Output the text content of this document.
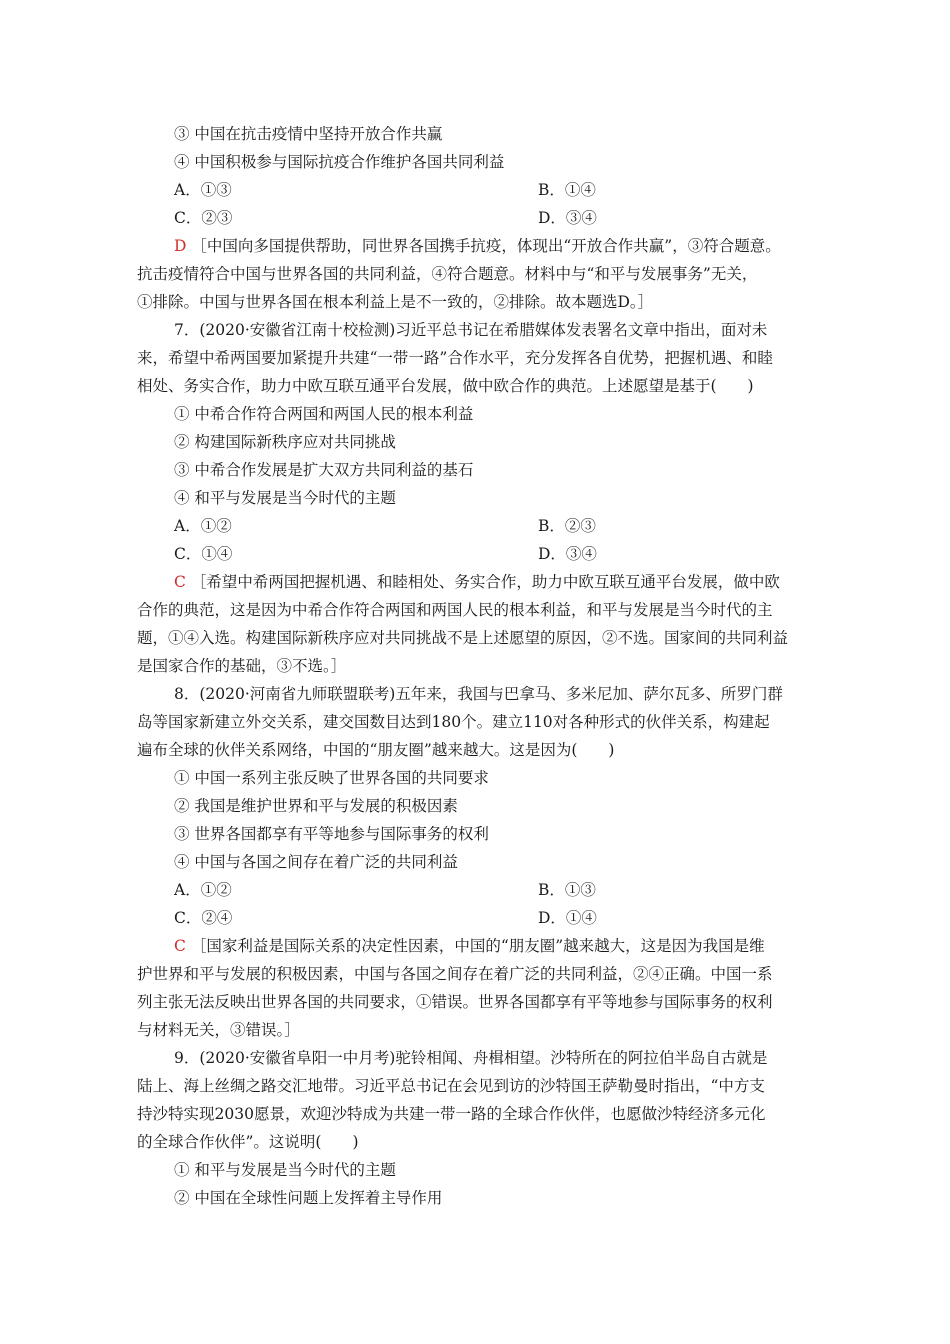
③ 中国在抗击疫情中坚持开放合作共赢
④ 中国积极参与国际抗疫合作维护各国共同利益
A．①③	B．①④
C．②③	D．③④
D ［中国向多国提供帮助，同世界各国携手抗疫，体现出“开放合作共赢”，③符合题意。
抗击疫情符合中国与世界各国的共同利益，④符合题意。材料中与“和平与发展事务”无关，
①排除。中国与世界各国在根本利益上是不一致的，②排除。故本题选D。］
7．(2020·安徽省江南十校检测)习近平总书记在希腊媒体发表署名文章中指出，面对未
来，希望中希两国要加紧提升共建“一带一路”合作水平，充分发挥各自优势，把握机遇、和睦
相处、务实合作，助力中欧互联互通平台发展，做中欧合作的典范。上述愿望是基于(　　)
① 中希合作符合两国和两国人民的根本利益
② 构建国际新秩序应对共同挑战
③ 中希合作发展是扩大双方共同利益的基石
④ 和平与发展是当今时代的主题
A．①②	B．②③
C．①④	D．③④
C ［希望中希两国把握机遇、和睦相处、务实合作，助力中欧互联互通平台发展，做中欧
合作的典范，这是因为中希合作符合两国和两国人民的根本利益，和平与发展是当今时代的主
题，①④入选。构建国际新秩序应对共同挑战不是上述愿望的原因，②不选。国家间的共同利益
是国家合作的基础，③不选。］
8．(2020·河南省九师联盟联考)五年来，我国与巴拿马、多米尼加、萨尔瓦多、所罗门群
岛等国家新建立外交关系，建交国数目达到180个。建立110对各种形式的伙伴关系，构建起
遍布全球的伙伴关系网络，中国的“朋友圈”越来越大。这是因为(　　)
① 中国一系列主张反映了世界各国的共同要求
② 我国是维护世界和平与发展的积极因素
③ 世界各国都享有平等地参与国际事务的权利
④ 中国与各国之间存在着广泛的共同利益
A．①②	B．①③
C．②④	D．①④
C ［国家利益是国际关系的决定性因素，中国的“朋友圈”越来越大，这是因为我国是维
护世界和平与发展的积极因素，中国与各国之间存在着广泛的共同利益，②④正确。中国一系
列主张无法反映出世界各国的共同要求，①错误。世界各国都享有平等地参与国际事务的权利
与材料无关，③错误。］
9．(2020·安徽省阜阳一中月考)驼铃相闻、舟楫相望。沙特所在的阿拉伯半岛自古就是
陆上、海上丝绸之路交汇地带。习近平总书记在会见到访的沙特国王萨勒曼时指出，“中方支
持沙特实现2030愿景，欢迎沙特成为共建一带一路的全球合作伙伴，也愿做沙特经济多元化
的全球合作伙伴”。这说明(　　)
① 和平与发展是当今时代的主题
② 中国在全球性问题上发挥着主导作用
